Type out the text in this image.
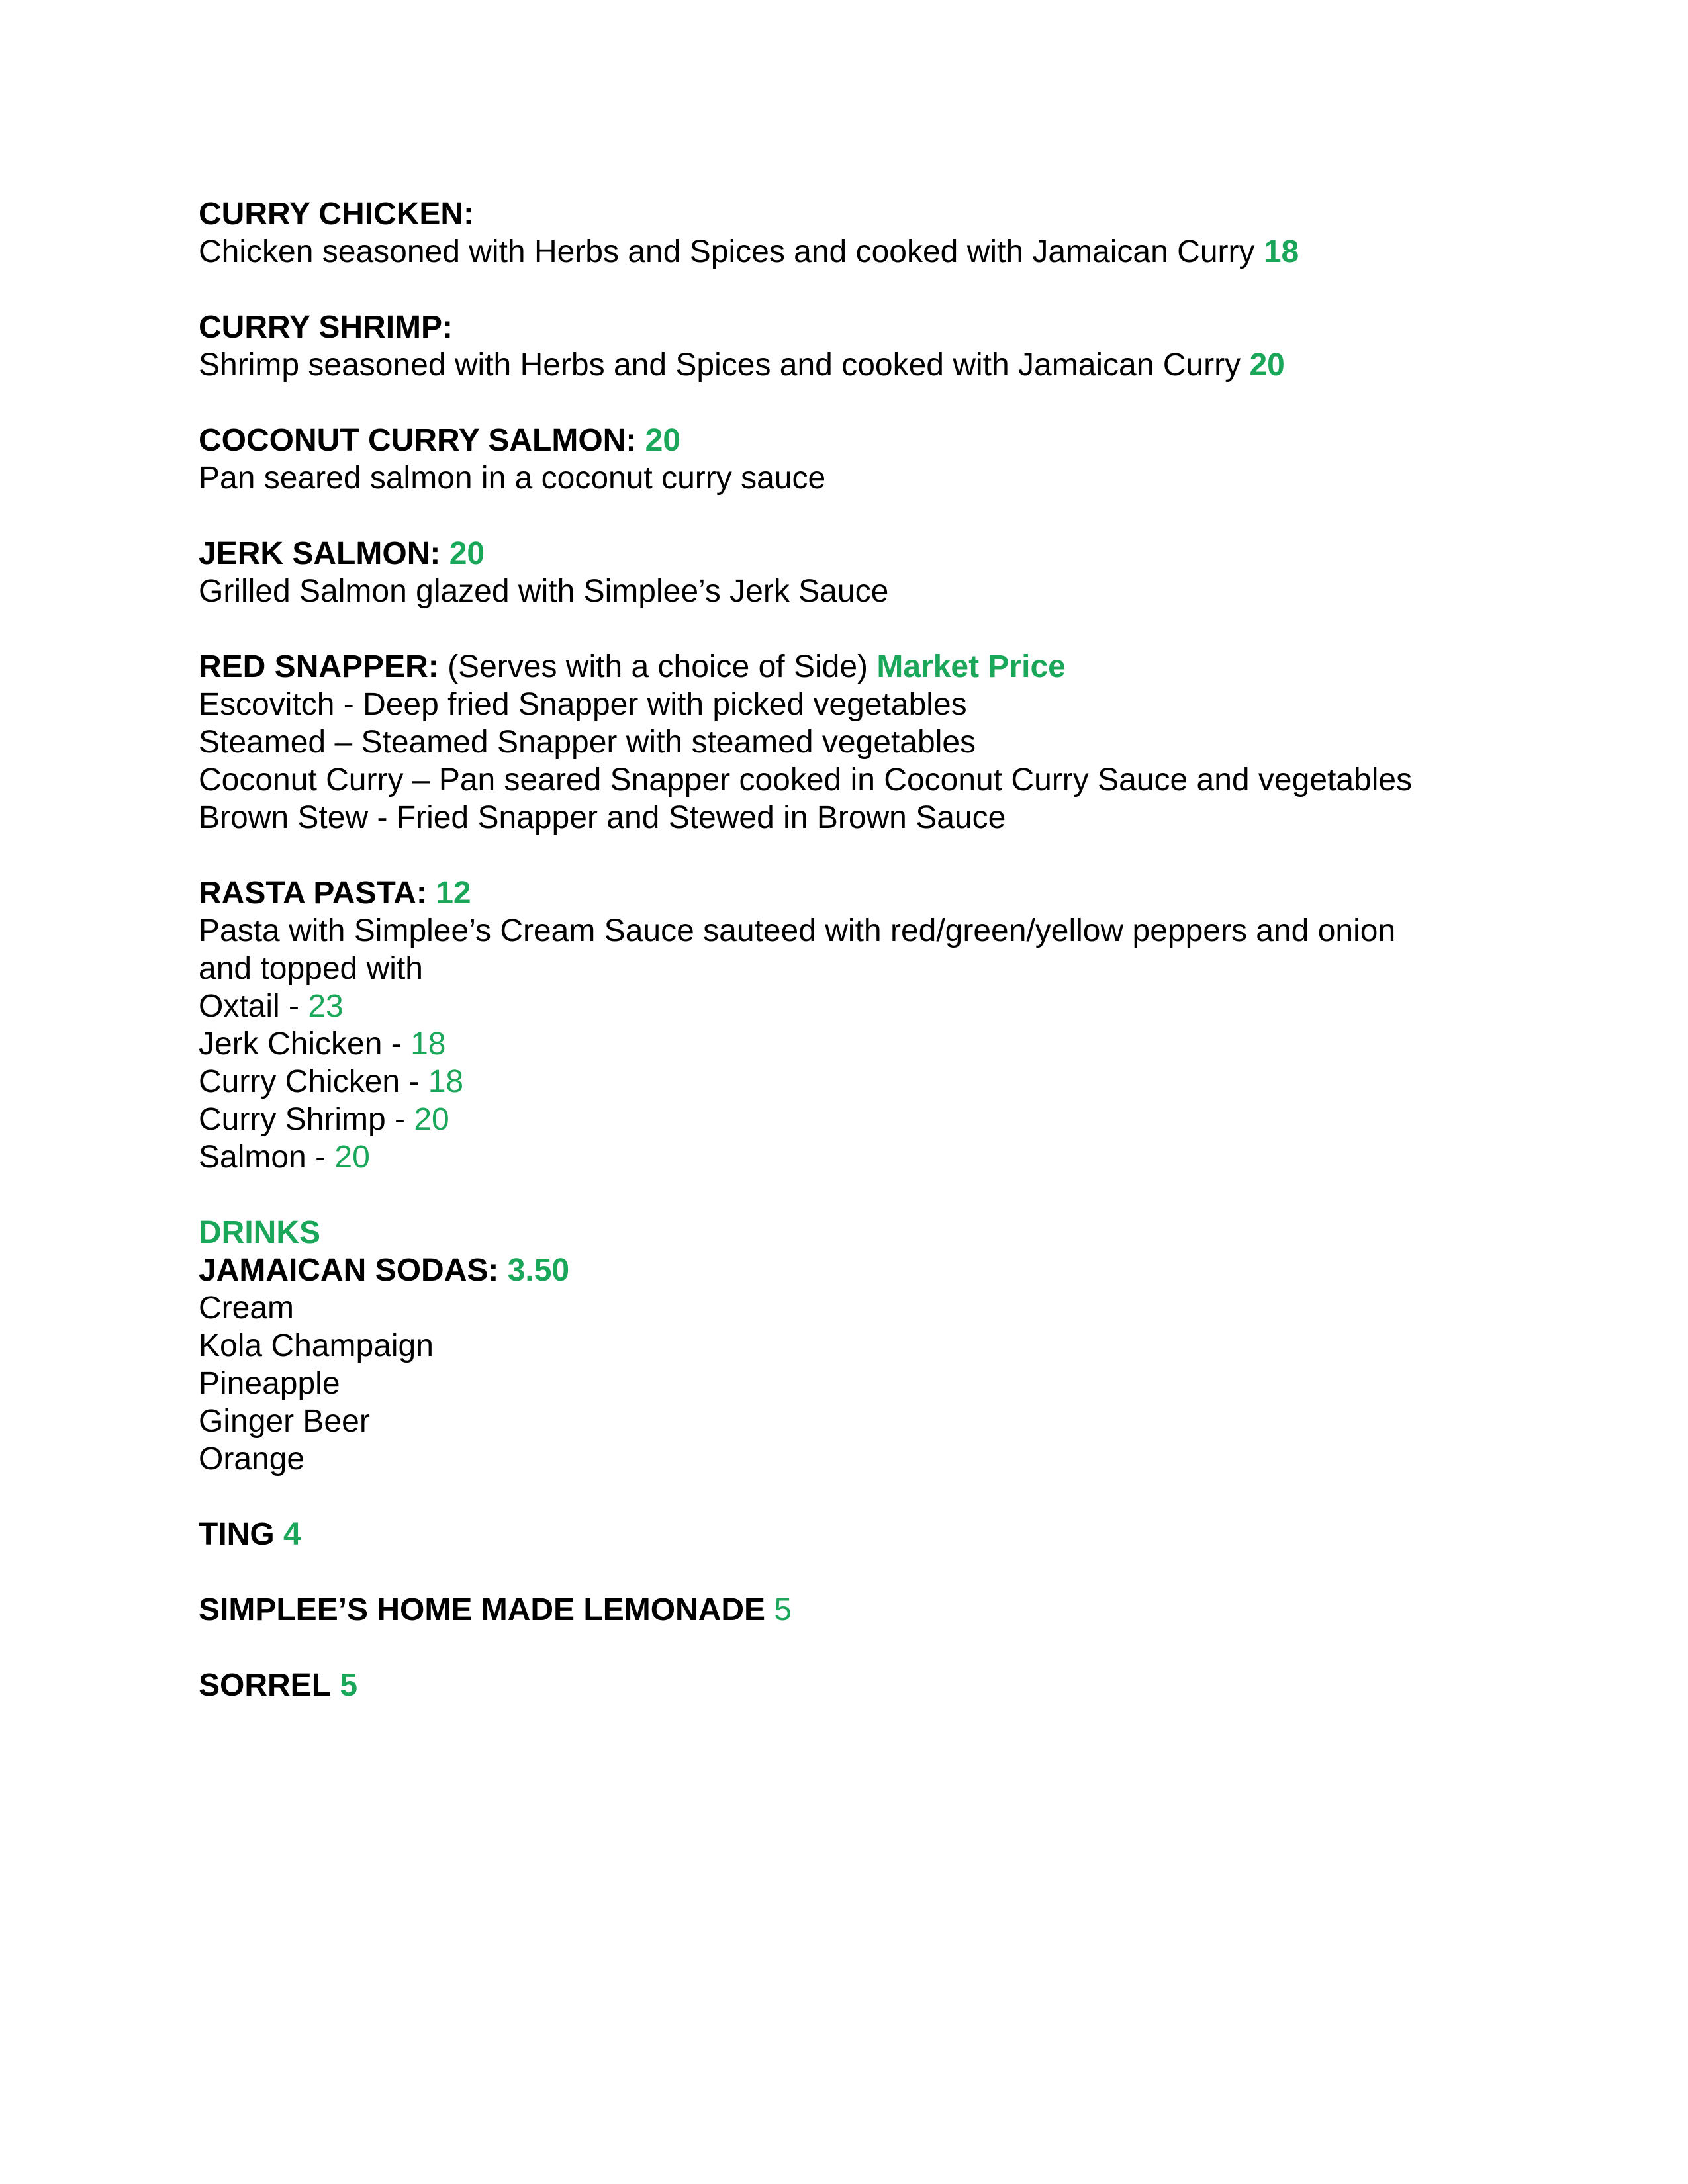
CURRY CHICKEN:
Chicken seasoned with Herbs and Spices and cooked with Jamaican Curry 18
CURRY SHRIMP:
Shrimp seasoned with Herbs and Spices and cooked with Jamaican Curry 20
COCONUT CURRY SALMON: 20
Pan seared salmon in a coconut curry sauce
JERK SALMON: 20
Grilled Salmon glazed with Simplee’s Jerk Sauce
RED SNAPPER: (Serves with a choice of Side) Market Price
Escovitch - Deep fried Snapper with picked vegetables
Steamed – Steamed Snapper with steamed vegetables
Coconut Curry – Pan seared Snapper cooked in Coconut Curry Sauce and vegetables
Brown Stew - Fried Snapper and Stewed in Brown Sauce
RASTA PASTA: 12
Pasta with Simplee’s Cream Sauce sauteed with red/green/yellow peppers and onion
and topped with
Oxtail - 23
Jerk Chicken - 18
Curry Chicken - 18
Curry Shrimp - 20
Salmon - 20
DRINKS
JAMAICAN SODAS: 3.50
Cream
Kola Champaign
Pineapple
Ginger Beer
Orange
TING 4
SIMPLEE’S HOME MADE LEMONADE 5
SORREL 5
